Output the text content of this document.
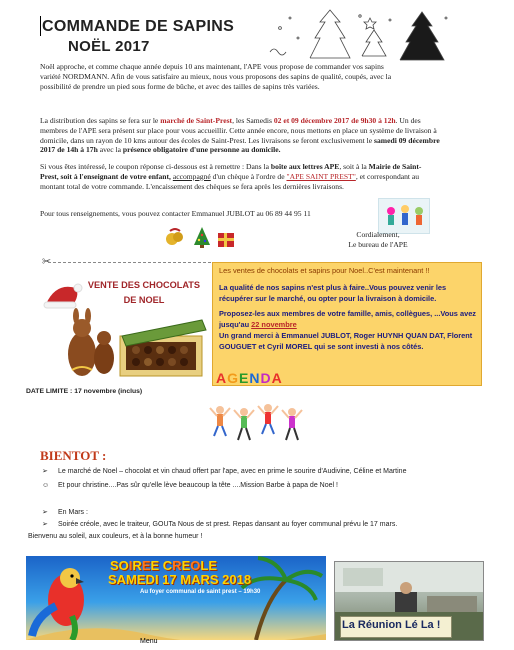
COMMANDE DE SAPINS
NOËL 2017
Noël approche, et comme chaque année depuis 10 ans maintenant, l'APE vous propose de commander vos sapins variété NORDMANN. Afin de vous satisfaire au mieux, nous vous proposons des sapins de qualité, coupés, avec la possibilité de prendre un pied sous forme de bûche, et avec des tailles de sapins très variées.
La distribution des sapins se fera sur le marché de Saint-Prest, les Samedis 02 et 09 décembre 2017 de 9h30 à 12h. Un des membres de l'APE sera présent sur place pour vous accueillir. Cette année encore, nous mettons en place un système de livraison à domicile, dans un rayon de 10 kms autour des écoles de Saint-Prest. Les livraisons se feront exclusivement le samedi 09 décembre 2017 de 14h à 17h avec la présence obligatoire d'une personne au domicile.
Si vous êtes intéressé, le coupon réponse ci-dessous est à remettre : Dans la boîte aux lettres APE, soit à la Mairie de Saint-Prest, soit à l'enseignant de votre enfant, accompagné d'un chèque à l'ordre de "APE SAINT PREST", et correspondant au montant total de votre commande. L'encaissement des chèques se fera après les dernières livraisons.
Pour tous renseignements, vous pouvez contacter Emmanuel JUBLOT au 06 89 44 95 11
Cordialement,
Le bureau de l'APE
✂
VENTE DES CHOCOLATS
DE NOEL
DATE LIMITE : 17 novembre (inclus)
Les ventes de chocolats et sapins pour Noel..C'est maintenant !!
La qualité de nos sapins n'est plus à faire..Vous pouvez venir les récupérer sur le marché, ou opter pour la livraison à domicile.
Proposez-les aux membres de votre famille, amis, collègues, ...Vous avez jusqu'au 22 novembre
Un grand merci à Emmanuel JUBLOT, Roger HUYNH QUAN DAT, Florent GOUGUET et Cyril MOREL qui se sont investi à nos côtés.
AGENDA
BIENTOT :
➢ Le marché de Noel – chocolat et vin chaud offert par l'ape, avec en prime le sourire d'Audivine, Céline et Martine
☺ Et pour christine....Pas sûr qu'elle lève beaucoup la tête ....Mission Barbe à papa de Noel !
➢ En Mars :
➢ Soirée créole, avec le traiteur, GOUTa Nous de st prest. Repas dansant au foyer communal prévu le 17 mars.
Bienvenu au soleil, aux couleurs, et à la bonne humeur !
SOIREE CREOLE
SAMEDI 17 MARS 2018
Au foyer communal de saint prest – 19h30
Menu
La Réunion Lé La !
